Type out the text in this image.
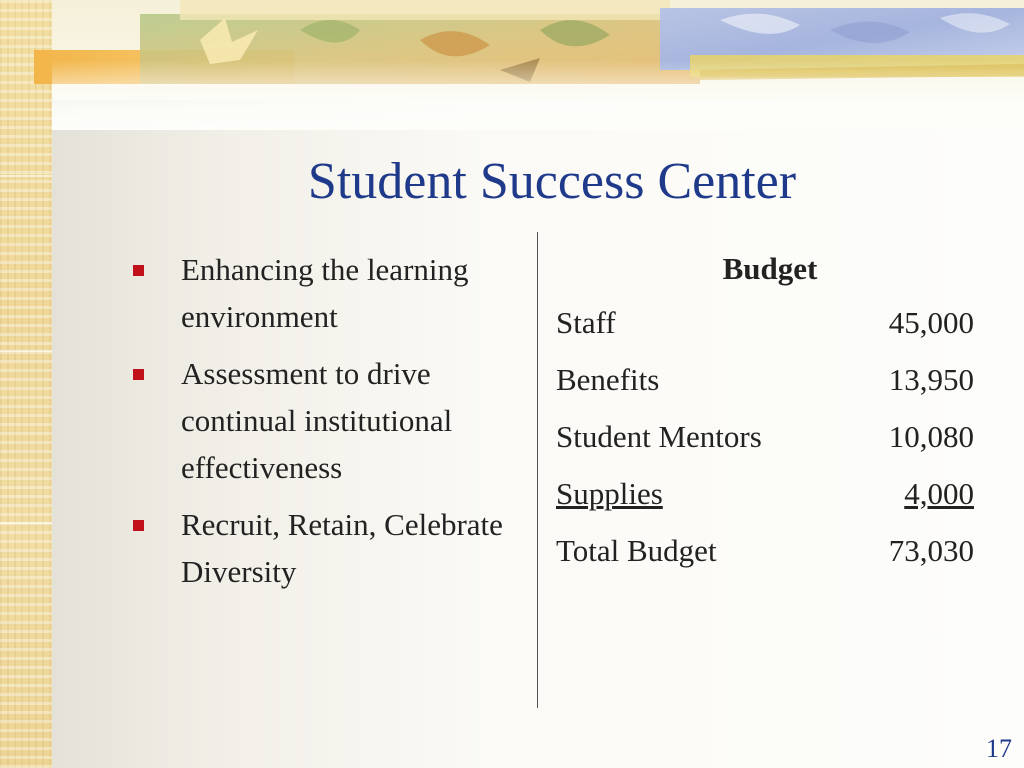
Student Success Center
Enhancing the learning environment
Assessment to drive continual institutional effectiveness
Recruit, Retain, Celebrate Diversity
Budget
Staff	45,000
Benefits	13,950
Student Mentors	10,080
Supplies	4,000
Total Budget	73,030
17
